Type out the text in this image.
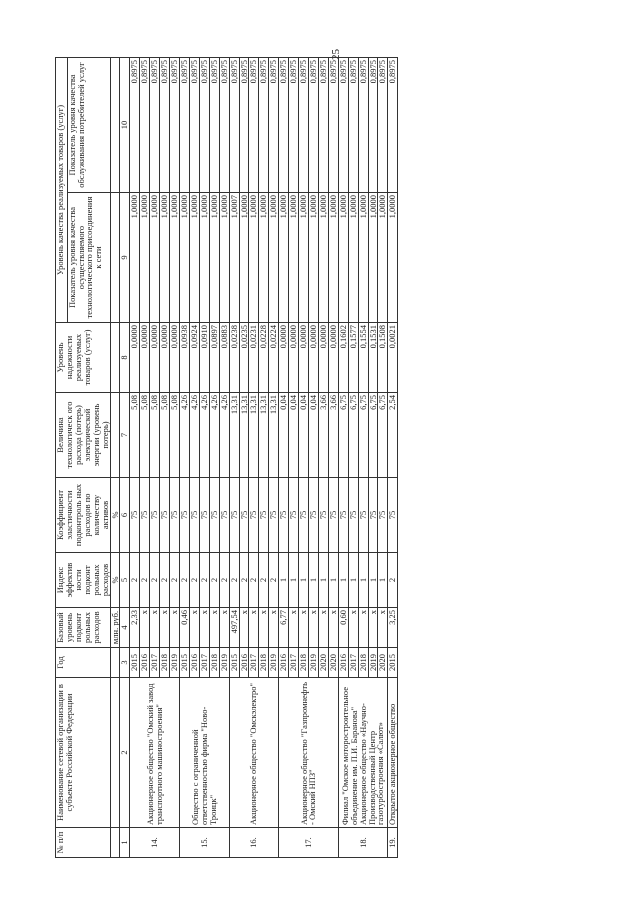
25
№ п/п	Наименование сетевой организации в субъекте Российской Федерации	Год	Базовый уровень подконт рольных расходов	Индекс эффектив ности подконт рольных расходов	Коэффициент эластичности подконтроль ных расходов по количеству активов	Величина технологическ ого расхода (потерь) электрической энергии (уровень потерь)	Уровень надежности реализуемых товаров (услуг)	Уровень качества реализуемых товаров (услуг)	
								Показатель уровня качества осуществляемого технологического присоединения к сети	Показатель уровня качества обслуживания потребителей услуг
			млн. руб.	%	%				
1	2	3	4	5	6	7	8	9	10
14.	Акционерное общество "Омский завод транспортного машиностроения"	2015	2,33	2	75	5,08	0,0000	1,0000	0,8975
		2016	х	2	75	5,08	0,0000	1,0000	0,8975
		2017	х	2	75	5,08	0,0000	1,0000	0,8975
		2018	х	2	75	5,08	0,0000	1,0000	0,8975
		2019	х	2	75	5,08	0,0000	1,0000	0,8975
15.	Общество с ограниченной ответственностью фирма "Ново-Троицк"	2015	0,46	2	75	4,26	0,0938	1,0000	0,8975
		2016	х	2	75	4,26	0,0924	1,0000	0,8975
		2017	х	2	75	4,26	0,0910	1,0000	0,8975
		2018	х	2	75	4,26	0,0897	1,0000	0,8975
		2019	х	2	75	4,26	0,0883	1,0000	0,8975
16.	Акционерное общество "Омскэлектро"	2015	497,54	2	75	13,31	0,0238	1,0007	0,8975
		2016	х	2	75	13,31	0,0235	1,0000	0,8975
		2017	х	2	75	13,31	0,0231	1,0000	0,8975
		2018	х	2	75	13,31	0,0228	1,0000	0,8975
		2019	х	2	75	13,31	0,0224	1,0000	0,8975
17.	Акционерное общество "Газпромнефть - Омский НПЗ"	2016	6,77	1	75	0,04	0,0000	1,0000	0,8975
		2017	х	1	75	0,04	0,0000	1,0000	0,8975
		2018	х	1	75	0,04	0,0000	1,0000	0,8975
		2019	х	1	75	0,04	0,0000	1,0000	0,8975
		2020	х	1	75	3,66	0,0000	1,0000	0,8975
		2020	х	1	75	3,66	0,0000	1,0000	0,8975
18.	Филиал "Омское моторостроительное объединение им. П.И. Баранова" Акционерное общество «Научно-Производственный Центр газотурбостроения «Салют»	2016	0,60	1	75	6,75	0,1602	1,0000	0,8975
		2017	х	1	75	6,75	0,1577	1,0000	0,8975
		2018	х	1	75	6,75	0,1554	1,0000	0,8975
		2019	х	1	75	6,75	0,1531	1,0000	0,8975
		2020	х	1	75	6,75	0,1508	1,0000	0,8975
19.	Открытое акционерное общество	2015	3,25	2	75	2,54	0,0021	1,0000	0,8975
